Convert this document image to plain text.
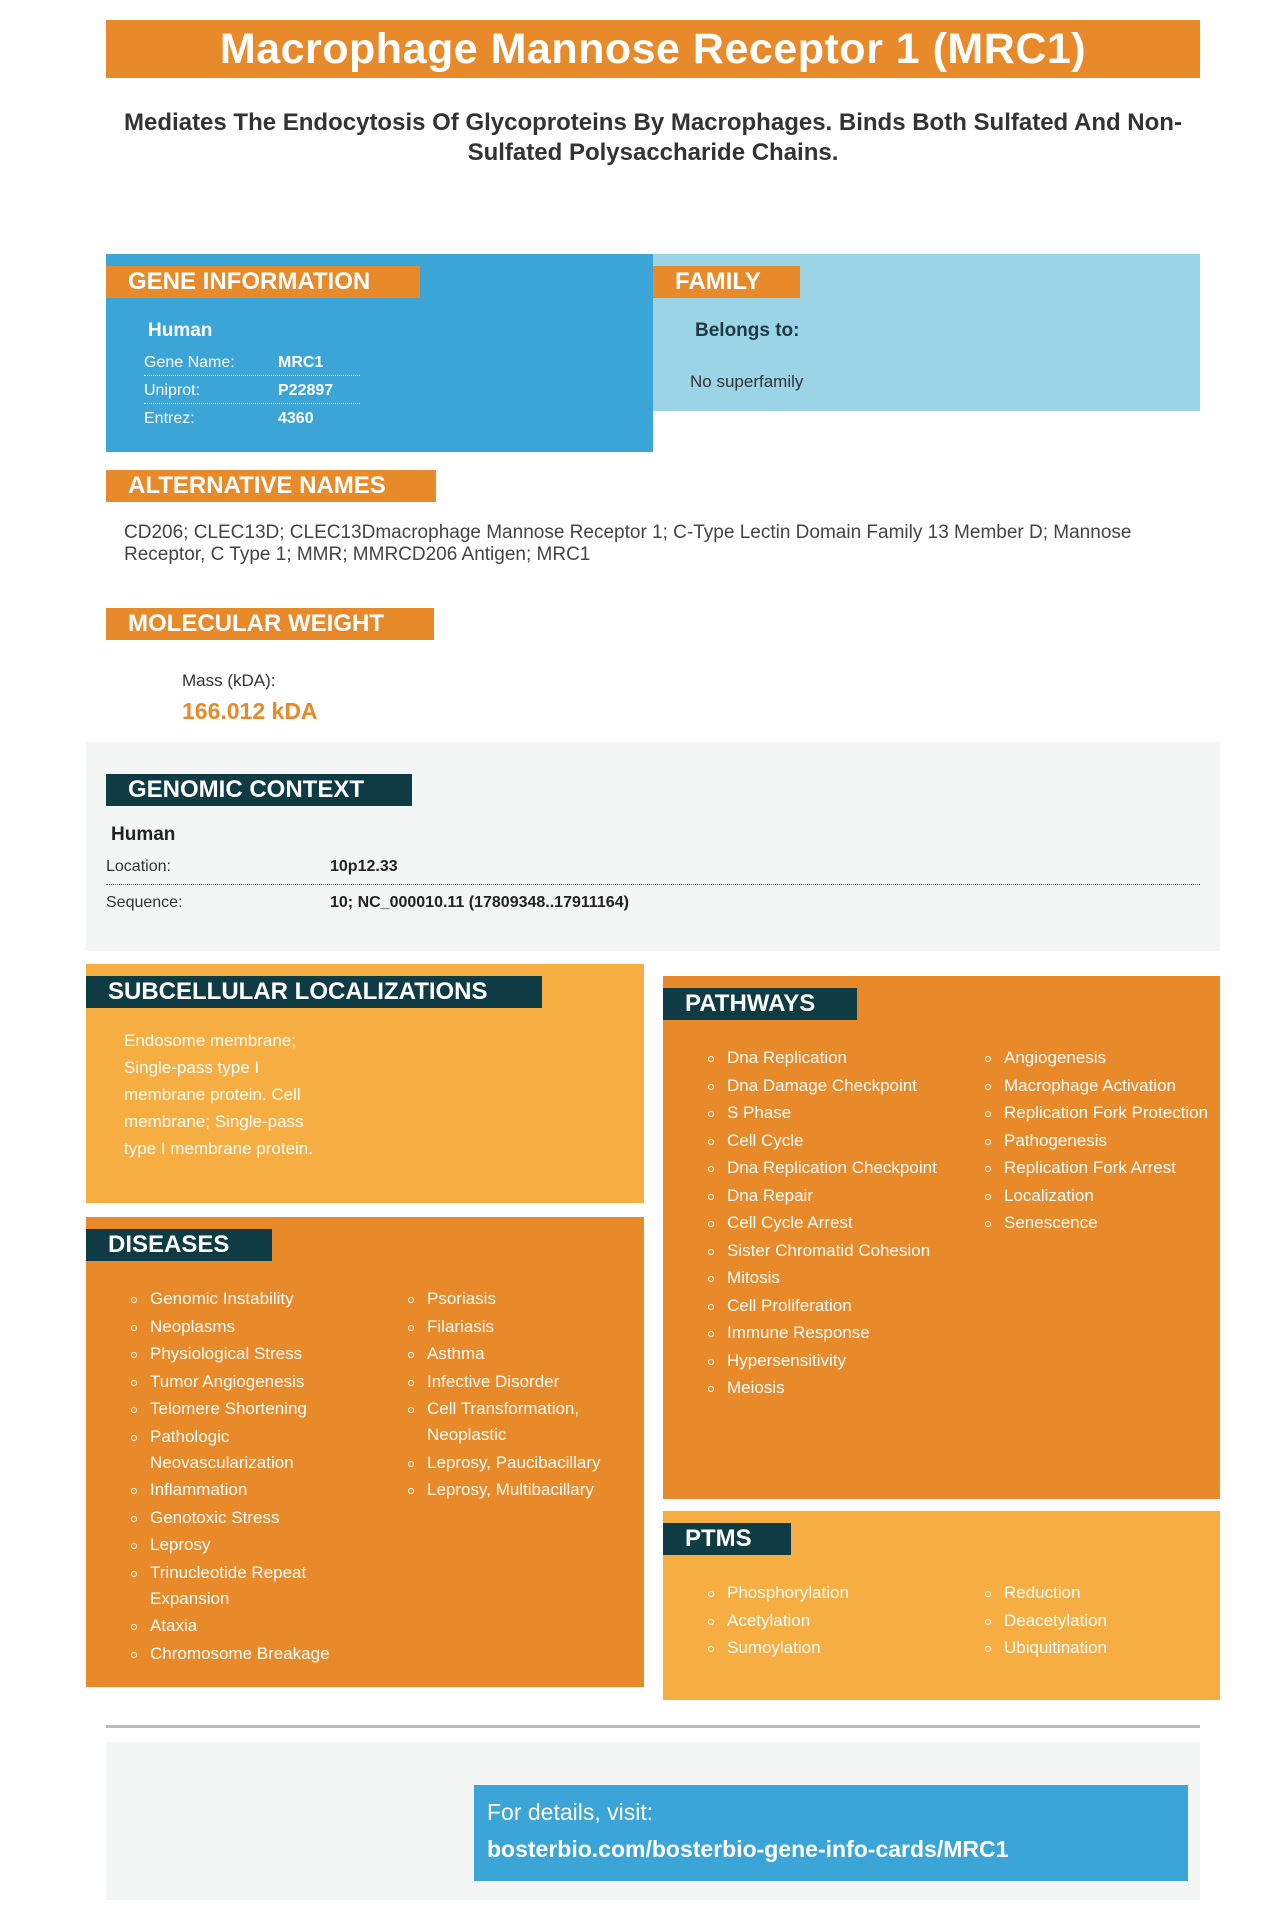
Macrophage Mannose Receptor 1 (MRC1)
Mediates The Endocytosis Of Glycoproteins By Macrophages. Binds Both Sulfated And Non-Sulfated Polysaccharide Chains.
GENE INFORMATION
Human
Gene Name:	MRC1
Uniprot:	P22897
Entrez:	4360
FAMILY
Belongs to:
No superfamily
ALTERNATIVE NAMES
CD206; CLEC13D; CLEC13Dmacrophage Mannose Receptor 1; C-Type Lectin Domain Family 13 Member D; Mannose Receptor, C Type 1; MMR; MMRCD206 Antigen; MRC1
MOLECULAR WEIGHT
Mass (kDA):
166.012 kDA
GENOMIC CONTEXT
Human
Location:	10p12.33
Sequence:	10; NC_000010.11 (17809348..17911164)
SUBCELLULAR LOCALIZATIONS
Endosome membrane; Single-pass type I membrane protein. Cell membrane; Single-pass type I membrane protein.
DISEASES
Genomic Instability
Neoplasms
Physiological Stress
Tumor Angiogenesis
Telomere Shortening
Pathologic Neovascularization
Inflammation
Genotoxic Stress
Leprosy
Trinucleotide Repeat Expansion
Ataxia
Chromosome Breakage
Psoriasis
Filariasis
Asthma
Infective Disorder
Cell Transformation, Neoplastic
Leprosy, Paucibacillary
Leprosy, Multibacillary
PATHWAYS
Dna Replication
Dna Damage Checkpoint
S Phase
Cell Cycle
Dna Replication Checkpoint
Dna Repair
Cell Cycle Arrest
Sister Chromatid Cohesion
Mitosis
Cell Proliferation
Immune Response
Hypersensitivity
Meiosis
Angiogenesis
Macrophage Activation
Replication Fork Protection
Pathogenesis
Replication Fork Arrest
Localization
Senescence
PTMS
Phosphorylation
Acetylation
Sumoylation
Reduction
Deacetylation
Ubiquitination
For details, visit:
bosterbio.com/bosterbio-gene-info-cards/MRC1
